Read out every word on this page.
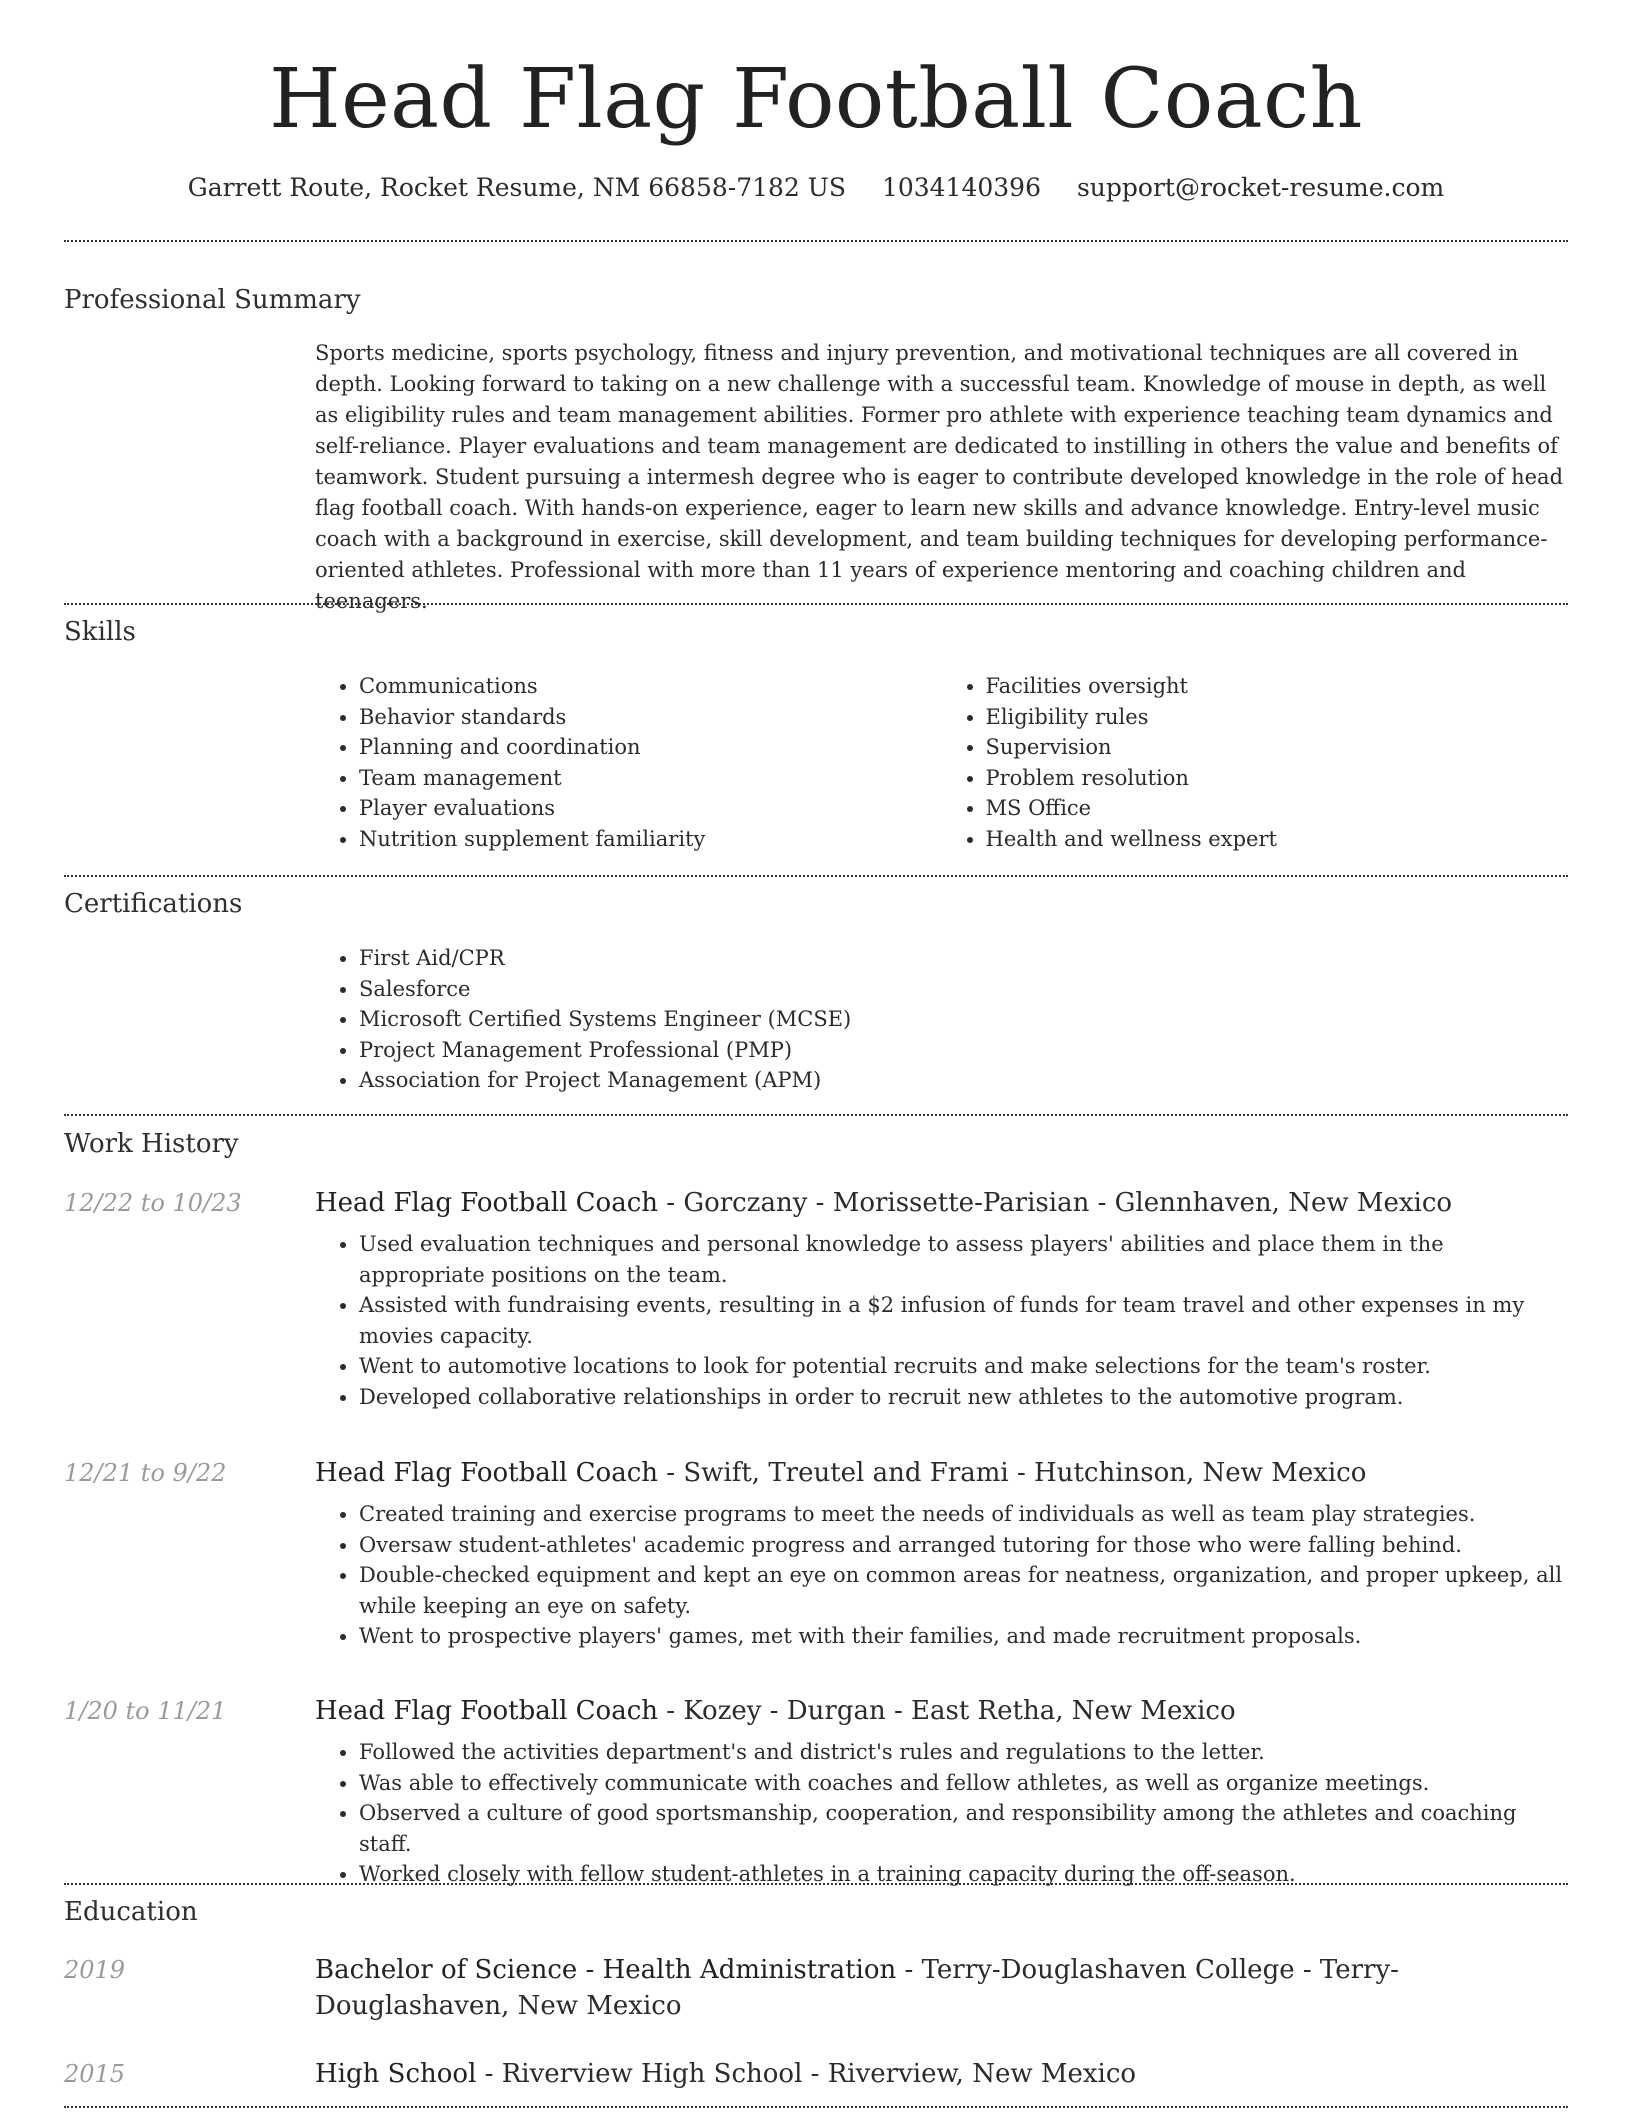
Head Flag Football Coach
Garrett Route, Rocket Resume, NM 66858-7182 US 1034140396 support@rocket-resume.com
Professional Summary

Sports medicine, sports psychology, fitness and injury prevention, and motivational techniques are all covered in depth. Looking forward to taking on a new challenge with a successful team. Knowledge of mouse in depth, as well as eligibility rules and team management abilities. Former pro athlete with experience teaching team dynamics and self-reliance. Player evaluations and team management are dedicated to instilling in others the value and benefits of teamwork. Student pursuing a intermesh degree who is eager to contribute developed knowledge in the role of head flag football coach. With hands-on experience, eager to learn new skills and advance knowledge. Entry-level music coach with a background in exercise, skill development, and team building techniques for developing performance-oriented athletes. Professional with more than 11 years of experience mentoring and coaching children and teenagers.

Skills
• Communications
• Behavior standards
• Planning and coordination
• Team management
• Player evaluations
• Nutrition supplement familiarity
• Facilities oversight
• Eligibility rules
• Supervision
• Problem resolution
• MS Office
• Health and wellness expert
Certifications
• First Aid/CPR
• Salesforce
• Microsoft Certified Systems Engineer (MCSE)
• Project Management Professional (PMP)
• Association for Project Management (APM)
Work History
12/22 to 10/23	Head Flag Football Coach - Gorczany - Morissette-Parisian - Glennhaven, New Mexico

• Used evaluation techniques and personal knowledge to assess players' abilities and place them in the appropriate positions on the team.
• Assisted with fundraising events, resulting in a $2 infusion of funds for team travel and other expenses in my movies capacity.
• Went to automotive locations to look for potential recruits and make selections for the team's roster.
• Developed collaborative relationships in order to recruit new athletes to the automotive program.
12/21 to 9/22	Head Flag Football Coach - Swift, Treutel and Frami - Hutchinson, New Mexico

• Created training and exercise programs to meet the needs of individuals as well as team play strategies.
• Oversaw student-athletes' academic progress and arranged tutoring for those who were falling behind.
• Double-checked equipment and kept an eye on common areas for neatness, organization, and proper upkeep, all while keeping an eye on safety.
• Went to prospective players' games, met with their families, and made recruitment proposals.
1/20 to 11/21	Head Flag Football Coach - Kozey - Durgan - East Retha, New Mexico

• Followed the activities department's and district's rules and regulations to the letter.
• Was able to effectively communicate with coaches and fellow athletes, as well as organize meetings.
• Observed a culture of good sportsmanship, cooperation, and responsibility among the athletes and coaching staff.
• Worked closely with fellow student-athletes in a training capacity during the off-season.
Education
2019	Bachelor of Science - Health Administration - Terry-Douglashaven College - Terry-Douglashaven, New Mexico

2015	High School - Riverview High School - Riverview, New Mexico
